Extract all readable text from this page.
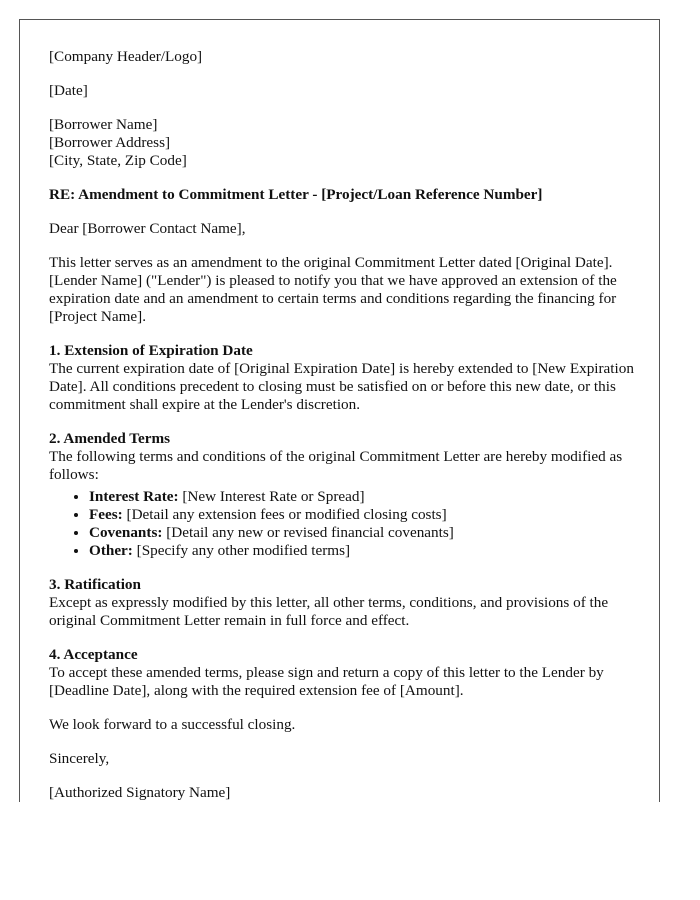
[Company Header/Logo]

[Date]

[Borrower Name]

[Borrower Address]

[City, State, Zip Code]

RE: Amendment to Commitment Letter - [Project/Loan Reference Number]

Dear [Borrower Contact Name],

This letter serves as an amendment to the original Commitment Letter dated [Original Date]. [Lender Name] ("Lender") is pleased to notify you that we have approved an extension of the expiration date and an amendment to certain terms and conditions regarding the financing for [Project Name].

1. Extension of Expiration Date
The current expiration date of [Original Expiration Date] is hereby extended to [New Expiration Date]. All conditions precedent to closing must be satisfied on or before this new date, or this commitment shall expire at the Lender's discretion.
2. Amended Terms
The following terms and conditions of the original Commitment Letter are hereby modified as follows:
• Interest Rate: [New Interest Rate or Spread]
• Fees: [Detail any extension fees or modified closing costs]
• Covenants: [Detail any new or revised financial covenants]
• Other: [Specify any other modified terms]
3. Ratification
Except as expressly modified by this letter, all other terms, conditions, and provisions of the original Commitment Letter remain in full force and effect.
4. Acceptance
To accept these amended terms, please sign and return a copy of this letter to the Lender by [Deadline Date], along with the required extension fee of [Amount].

We look forward to a successful closing.

Sincerely,

[Authorized Signatory Name]
